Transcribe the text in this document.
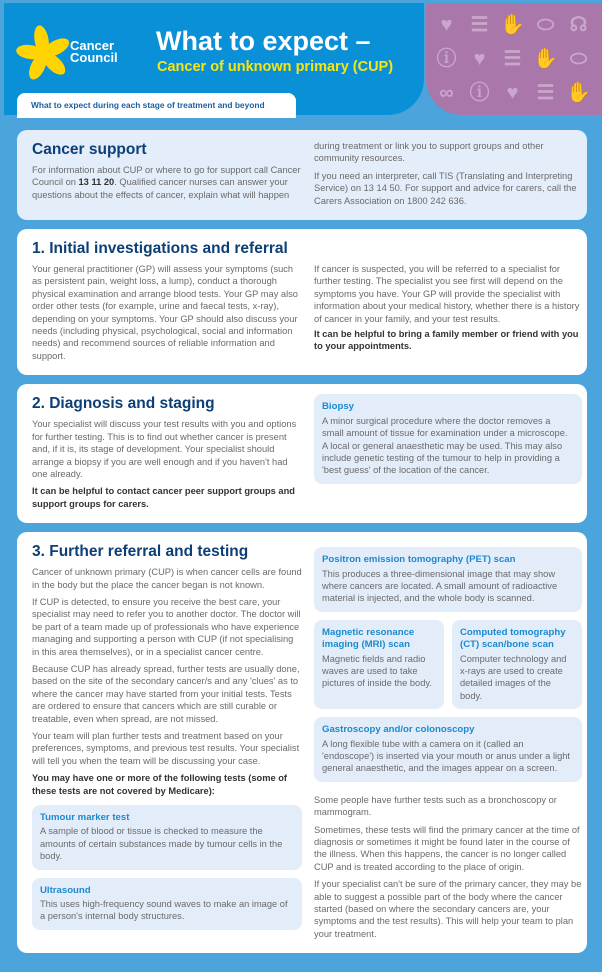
♥ ☰ ✋ ⬭ ☊
ⓘ ♥ ☰ ✋ ⬭
∞ ⓘ ♥ ☰ ✋
Cancer
Council
What to expect –
Cancer of unknown primary (CUP)
What to expect during each stage of treatment and beyond
Cancer support

For information about CUP or where to go for support call Cancer Council on 13 11 20. Qualified cancer nurses can answer your questions about the effects of cancer, explain what will happen

during treatment or link you to support groups and other community resources.

If you need an interpreter, call TIS (Translating and Interpreting Service) on 13 14 50. For support and advice for carers, call the Carers Association on 1800 242 636.

1. Initial investigations and referral

Your general practitioner (GP) will assess your symptoms (such as persistent pain, weight loss, a lump), conduct a thorough physical examination and arrange blood tests. Your GP may also order other tests (for example, urine and faecal tests, x-ray), depending on your symptoms. Your GP should also discuss your needs (including physical, psychological, social and information needs) and recommend sources of reliable information and support.

If cancer is suspected, you will be referred to a specialist for further testing. The specialist you see first will depend on the symptoms you have. Your GP will provide the specialist with information about your medical history, whether there is a history of cancer in your family, and your test results.

It can be helpful to bring a family member or friend with you to your appointments.

2. Diagnosis and staging

Your specialist will discuss your test results with you and options for further testing. This is to find out whether cancer is present and, if it is, its stage of development. Your specialist should arrange a biopsy if you are well enough and if you haven't had one already.

It can be helpful to contact cancer peer support groups and support groups for carers.

Biopsy

A minor surgical procedure where the doctor removes a small amount of tissue for examination under a microscope. A local or general anaesthetic may be used. This may also include genetic testing of the tumour to help in providing a 'best guess' of the location of the cancer.

3. Further referral and testing

Cancer of unknown primary (CUP) is when cancer cells are found in the body but the place the cancer began is not known.

If CUP is detected, to ensure you receive the best care, your specialist may need to refer you to another doctor. The doctor will be part of a team made up of professionals who have experience managing and supporting a person with CUP (if not specialising in this area themselves), or in a specialist cancer centre.

Because CUP has already spread, further tests are usually done, based on the site of the secondary cancer/s and any 'clues' as to where the cancer may have started from your initial tests. Tests are ordered to ensure that cancers which are still curable or treatable, even when spread, are not missed.

Your team will plan further tests and treatment based on your preferences, symptoms, and previous test results. Your specialist will tell you when the team will be discussing your case.

You may have one or more of the following tests (some of these tests are not covered by Medicare):

Tumour marker test

A sample of blood or tissue is checked to measure the amounts of certain substances made by tumour cells in the body.

Ultrasound

This uses high-frequency sound waves to make an image of a person's internal body structures.

Positron emission tomography (PET) scan

This produces a three-dimensional image that may show where cancers are located. A small amount of radioactive material is injected, and the whole body is scanned.

Magnetic resonance imaging (MRI) scan

Magnetic fields and radio waves are used to take pictures of inside the body.

Computed tomography (CT) scan/bone scan

Computer technology and x-rays are used to create detailed images of the body.

Gastroscopy and/or colonoscopy

A long flexible tube with a camera on it (called an 'endoscope') is inserted via your mouth or anus under a light general anaesthetic, and the images appear on a screen.

Some people have further tests such as a bronchoscopy or mammogram.

Sometimes, these tests will find the primary cancer at the time of diagnosis or sometimes it might be found later in the course of the illness. When this happens, the cancer is no longer called CUP and is treated according to the place of origin.

If your specialist can't be sure of the primary cancer, they may be able to suggest a possible part of the body where the cancer started (based on where the secondary cancers are, your symptoms and the test results). This will help your team to plan your treatment.
